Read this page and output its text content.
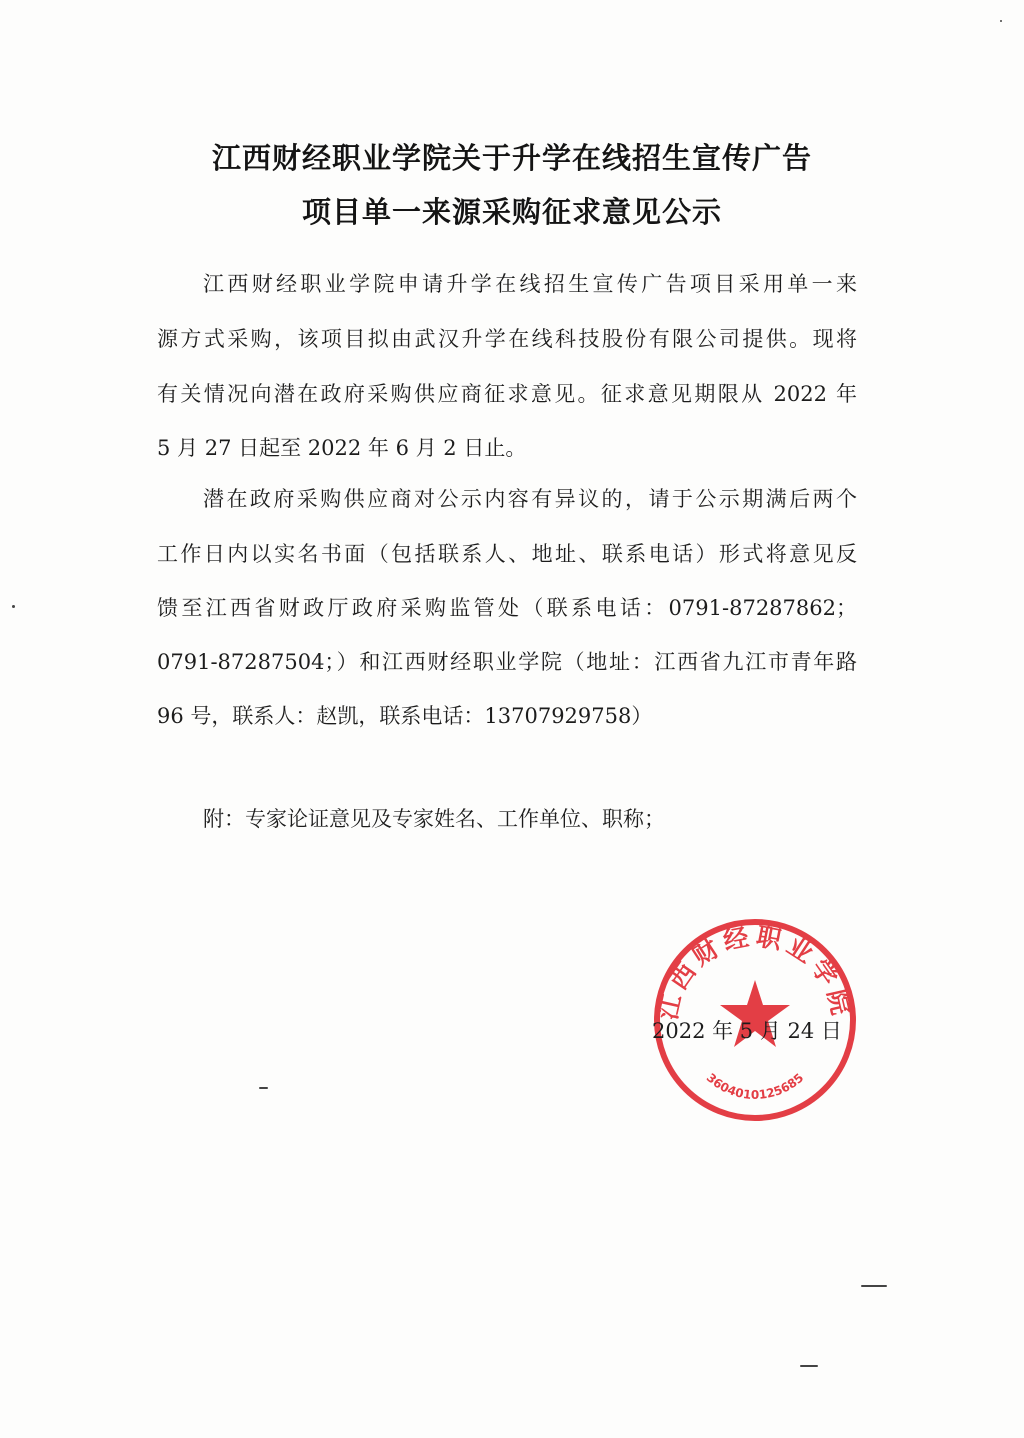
江西财经职业学院关于升学在线招生宣传广告
项目单一来源采购征求意见公示
江西财经职业学院申请升学在线招生宣传广告项目采用单一来
源方式采购，该项目拟由武汉升学在线科技股份有限公司提供。现将
有关情况向潜在政府采购供应商征求意见。征求意见期限从 2022 年
5 月 27 日起至 2022 年 6 月 2 日止。
潜在政府采购供应商对公示内容有异议的，请于公示期满后两个
工作日内以实名书面（包括联系人、地址、联系电话）形式将意见反
馈至江西省财政厅政府采购监管处（联系电话：0791-87287862；
0791-87287504；）和江西财经职业学院（地址：江西省九江市青年路
96 号，联系人：赵凯，联系电话：13707929758）
附：专家论证意见及专家姓名、工作单位、职称；
江西财经职业学院
3604010125685
2022 年 5 月 24 日
